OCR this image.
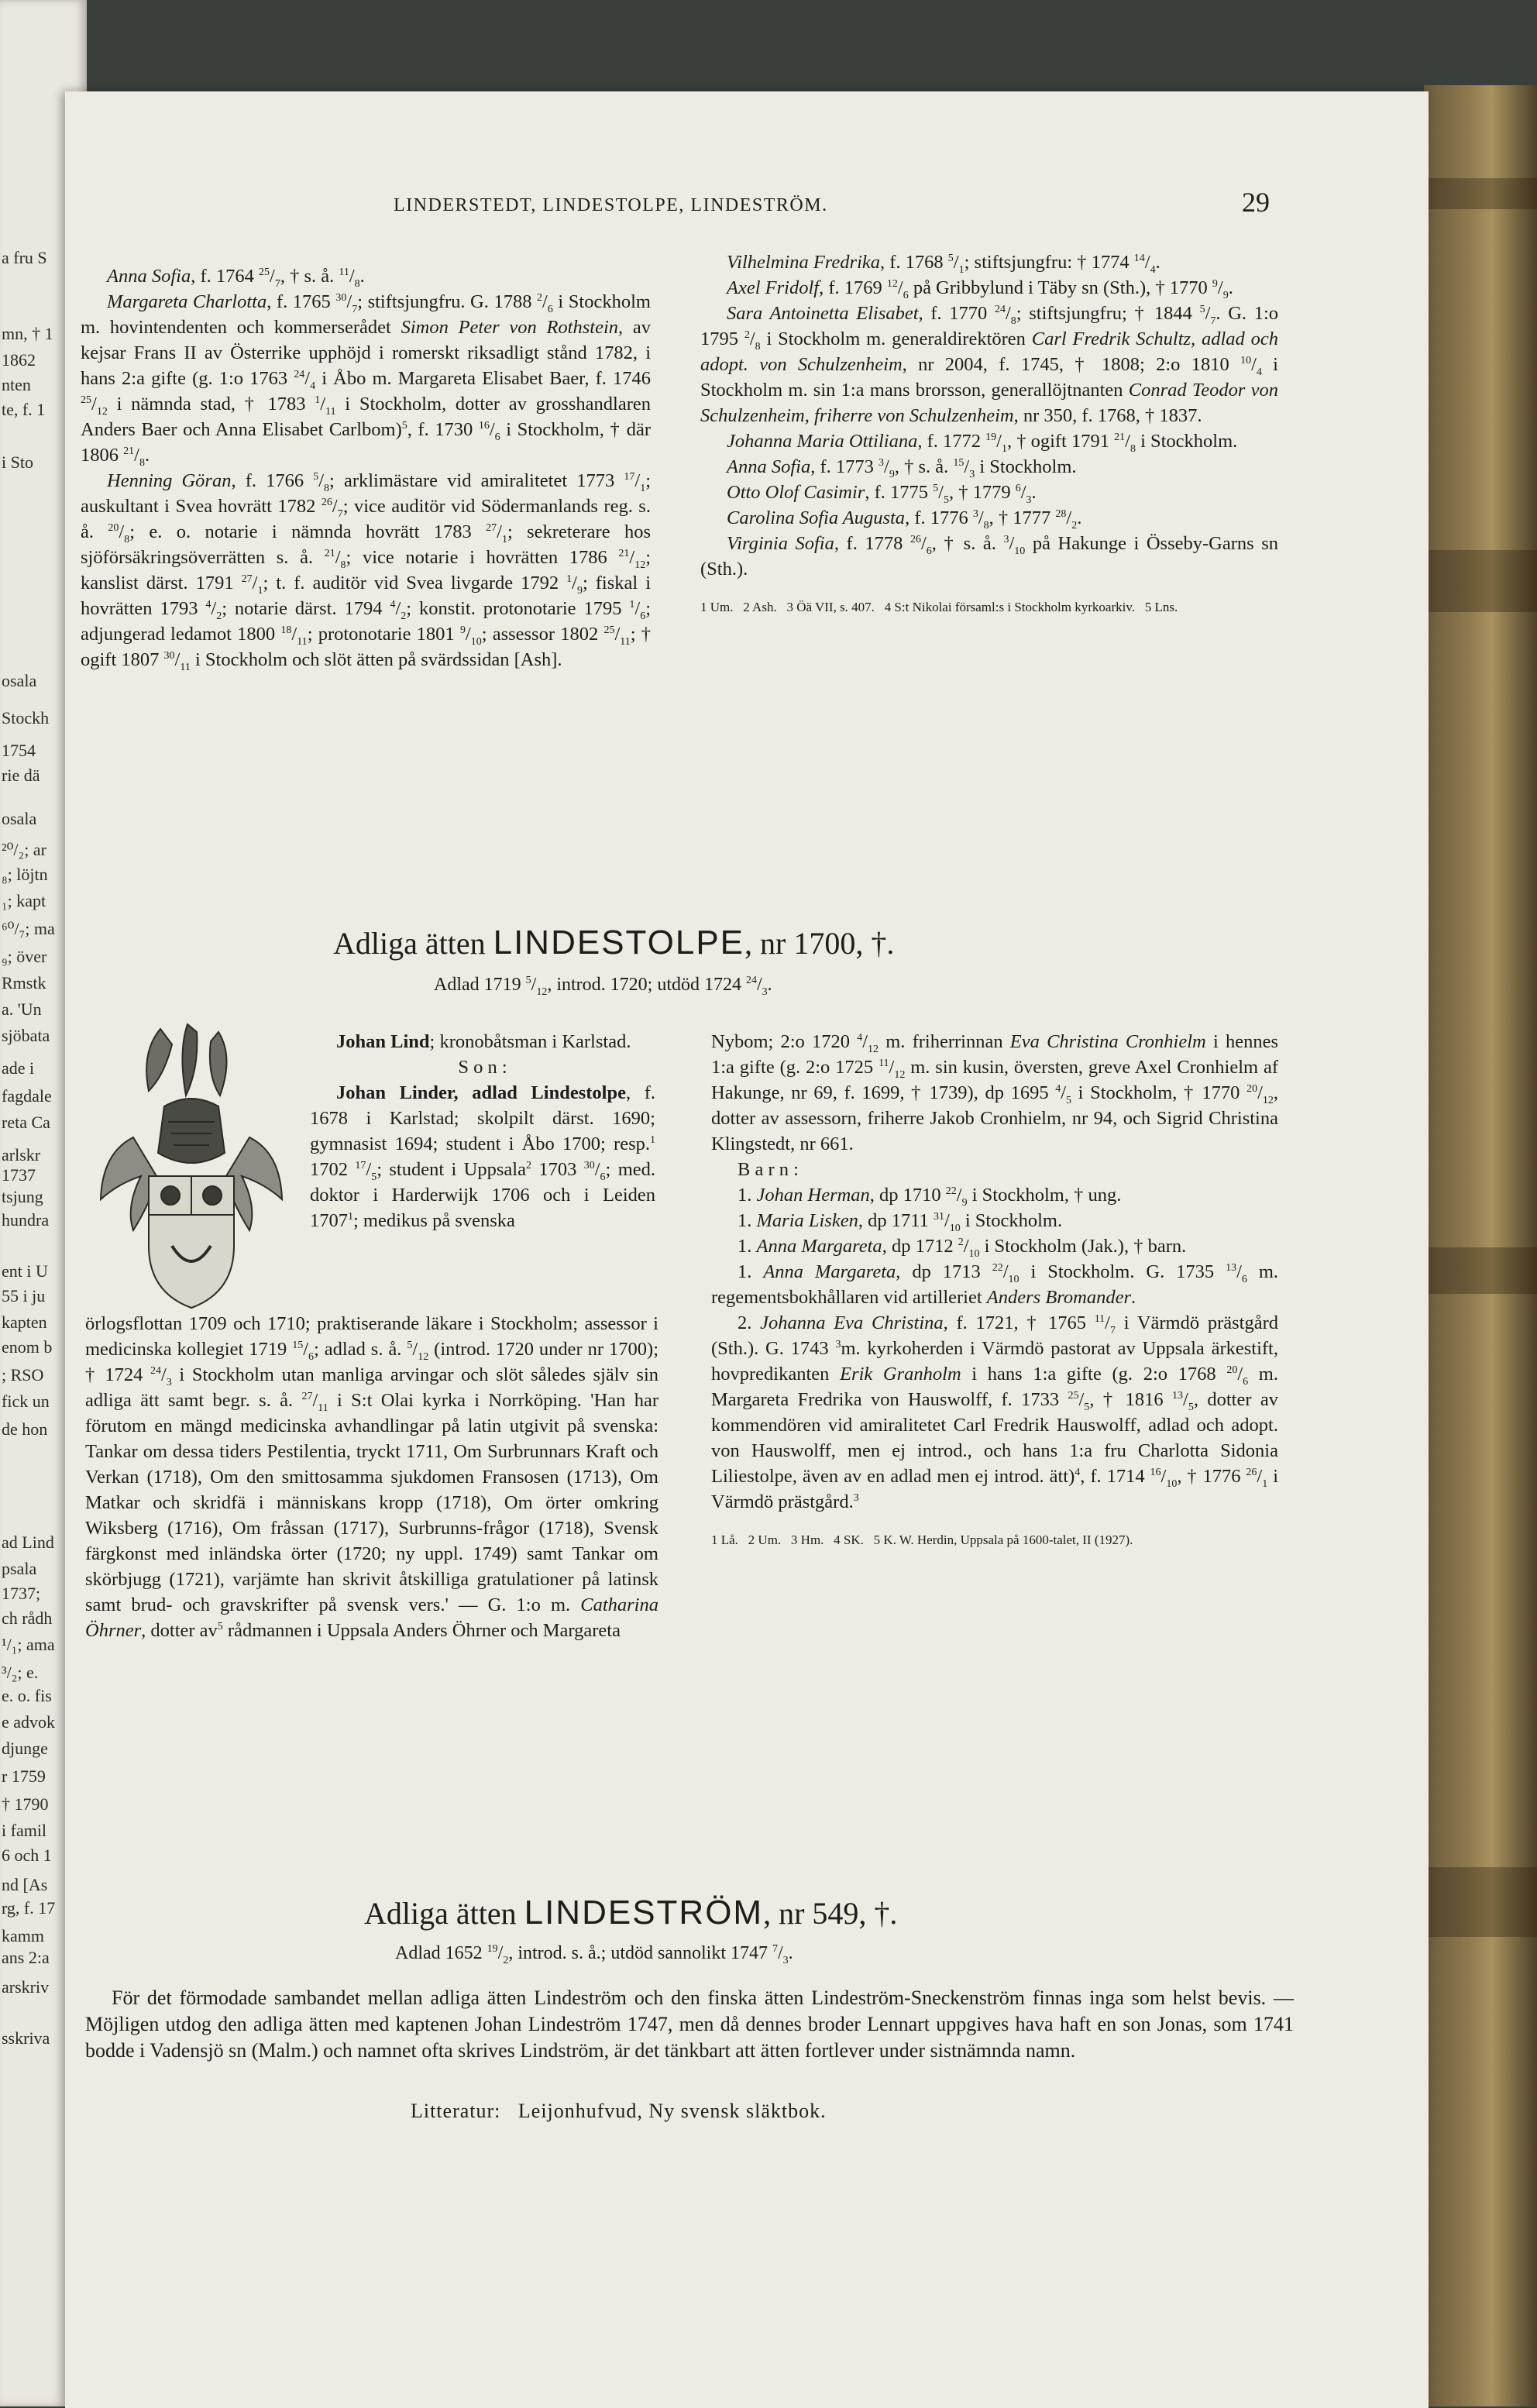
a fru S
mn, † 1
1862
nten
te, f. 1
i Sto
osala
Stockh
1754
rie dä
osala
²⁰/₂; ar
₈; löjtn
₁; kapt
⁶⁰/₇; ma
₉; över
Rmstk
a. 'Un
sjöbata
ade i
fagdale
reta Ca
arlskr
1737
tsjung
hundra
ent i U
55 i ju
kapten
enom b
; RSO
fick un
de hon
ad Lind
psala
1737;
ch rådh
¹/₁; ama
³/₂; e.
e. o. fis
e advok
djunge
r 1759
† 1790
i famil
6 och 1
nd [As
rg, f. 17
kamm
ans 2:a
arskriv
sskriva
LINDERSTEDT, LINDESTOLPE, LINDESTRÖM.	29

Anna Sofia, f. 1764 $^{25}/_7$, † s. å. $^{11}/_8$.

Margareta Charlotta, f. 1765 $^{30}/_7$; stiftsjungfru. G. 1788 $^2/_6$ i Stockholm m. hovintendenten och kommerserådet Simon Peter von Rothstein, av kejsar Frans II av Österrike upphöjd i romerskt riksadligt stånd 1782, i hans 2:a gifte (g. 1:o 1763 $^{24}/_4$ i Åbo m. Margareta Elisabet Baer, f. 1746 $^{25}/_{12}$ i nämnda stad, † 1783 $^1/_{11}$ i Stockholm, dotter av grosshandlaren Anders Baer och Anna Elisabet Carlbom)$^5$, f. 1730 $^{16}/_6$ i Stockholm, † där 1806 $^{21}/_8$.

Henning Göran, f. 1766 $^5/_8$; arklimästare vid amiralitetet 1773 $^{17}/_1$; auskultant i Svea hovrätt 1782 $^{26}/_7$; vice auditör vid Södermanlands reg. s. å. $^{20}/_8$; e. o. notarie i nämnda hovrätt 1783 $^{27}/_1$; sekreterare hos sjöförsäkringsöverrätten s. å. $^{21}/_8$; vice notarie i hovrätten 1786 $^{21}/_{12}$; kanslist därst. 1791 $^{27}/_1$; t. f. auditör vid Svea livgarde 1792 $^1/_9$; fiskal i hovrätten 1793 $^4/_2$; notarie därst. 1794 $^4/_2$; konstit. protonotarie 1795 $^1/_6$; adjungerad ledamot 1800 $^{18}/_{11}$; protonotarie 1801 $^9/_{10}$; assessor 1802 $^{25}/_{11}$; † ogift 1807 $^{30}/_{11}$ i Stockholm och slöt ätten på svärdssidan [Ash].

Vilhelmina Fredrika, f. 1768 $^5/_1$; stiftsjungfru: † 1774 $^{14}/_4$.

Axel Fridolf, f. 1769 $^{12}/_6$ på Gribbylund i Täby sn (Sth.), † 1770 $^9/_9$.

Sara Antoinetta Elisabet, f. 1770 $^{24}/_8$; stiftsjungfru; † 1844 $^5/_7$. G. 1:o 1795 $^2/_8$ i Stockholm m. generaldirektören Carl Fredrik Schultz, adlad och adopt. von Schulzenheim, nr 2004, f. 1745, † 1808; 2:o 1810 $^{10}/_4$ i Stockholm m. sin 1:a mans brorsson, generallöjtnanten Conrad Teodor von Schulzenheim, friherre von Schulzenheim, nr 350, f. 1768, † 1837.

Johanna Maria Ottiliana, f. 1772 $^{19}/_1$, † ogift 1791 $^{21}/_8$ i Stockholm.

Anna Sofia, f. 1773 $^3/_9$, † s. å. $^{15}/_3$ i Stockholm.

Otto Olof Casimir, f. 1775 $^5/_5$, † 1779 $^6/_3$.

Carolina Sofia Augusta, f. 1776 $^3/_8$, † 1777 $^{28}/_2$.

Virginia Sofia, f. 1778 $^{26}/_6$, † s. å. $^3/_{10}$ på Hakunge i Össeby-Garns sn (Sth.).

1 Um.   2 Ash.   3 Öä VII, s. 407.   4 S:t Nikolai församl:s i Stockholm kyrkoarkiv.   5 Lns.

Adliga ätten LINDESTOLPE, nr 1700, †.
Adlad 1719 $^5/_{12}$, introd. 1720; utdöd 1724 $^{24}/_3$.

Johan Lind; kronobåtsman i Karlstad.

S o n :

Johan Linder, adlad Lindestolpe, f. 1678 i Karlstad; skolpilt därst. 1690; gymnasist 1694; student i Åbo 1700; resp.$^1$ 1702 $^{17}/_5$; student i Uppsala$^2$ 1703 $^{30}/_6$; med. doktor i Harderwijk 1706 och i Leiden 1707$^1$; medikus på svenska

örlogsflottan 1709 och 1710; praktiserande läkare i Stockholm; assessor i medicinska kollegiet 1719 $^{15}/_6$; adlad s. å. $^5/_{12}$ (introd. 1720 under nr 1700); † 1724 $^{24}/_3$ i Stockholm utan manliga arvingar och slöt således själv sin adliga ätt samt begr. s. å. $^{27}/_{11}$ i S:t Olai kyrka i Norrköping. 'Han har förutom en mängd medicinska avhandlingar på latin utgivit på svenska: Tankar om dessa tiders Pestilentia, tryckt 1711, Om Surbrunnars Kraft och Verkan (1718), Om den smittosamma sjukdomen Fransosen (1713), Om Matkar och skridfä i människans kropp (1718), Om örter omkring Wiksberg (1716), Om fråssan (1717), Surbrunns-frågor (1718), Svensk färgkonst med inländska örter (1720; ny uppl. 1749) samt Tankar om skörbjugg (1721), varjämte han skrivit åtskilliga gratulationer på latinsk samt brud- och gravskrifter på svensk vers.' — G. 1:o m. Catharina Öhrner, dotter $av^5$ rådmannen i Uppsala Anders Öhrner och Margareta

Nybom; 2:o 1720 $^4/_{12}$ m. friherrinnan Eva Christina Cronhielm i hennes 1:a gifte (g. 2:o 1725 $^{11}/_{12}$ m. sin kusin, översten, greve Axel Cronhielm af Hakunge, nr 69, f. 1699, † 1739), dp 1695 $^4/_5$ i Stockholm, † 1770 $^{20}/_{12}$, dotter av assessorn, friherre Jakob Cronhielm, nr 94, och Sigrid Christina Klingstedt, nr 661.

B a r n :

1. Johan Herman, dp 1710 $^{22}/_9$ i Stockholm, † ung.

1. Maria Lisken, dp 1711 $^{31}/_{10}$ i Stockholm.

1. Anna Margareta, dp 1712 $^2/_{10}$ i Stockholm (Jak.), † barn.

1. Anna Margareta, dp 1713 $^{22}/_{10}$ i Stockholm. G. 1735 $^{13}/_6$ m. regementsbokhållaren vid artilleriet Anders Bromander.

2. Johanna Eva Christina, f. 1721, † 1765 $^{11}/_7$ i Värmdö prästgård (Sth.). G. 1743 $^3$m. kyrkoherden i Värmdö pastorat av Uppsala ärkestift, hovpredikanten Erik Granholm i hans 1:a gifte (g. 2:o 1768 $^{20}/_6$ m. Margareta Fredrika von Hauswolff, f. 1733 $^{25}/_5$, † 1816 $^{13}/_5$, dotter av kommendören vid amiralitetet Carl Fredrik Hauswolff, adlad och adopt. von Hauswolff, men ej introd., och hans 1:a fru Charlotta Sidonia Liliestolpe, även av en adlad men ej introd. ätt)$^4$, f. 1714 $^{16}/_{10}$, † 1776 $^{26}/_1$ i Värmdö prästgård.$^3$

1 Lå.   2 Um.   3 Hm.   4 SK.   5 K. W. Herdin, Uppsala på 1600-talet, II (1927).

Adliga ätten LINDESTRÖM, nr 549, †.
Adlad 1652 $^{19}/_2$, introd. s. å.; utdöd sannolikt 1747 $^7/_3$.

För det förmodade sambandet mellan adliga ätten Lindeström och den finska ätten Lindeström-Sneckenström finnas inga som helst bevis. — Möjligen utdog den adliga ätten med kaptenen Johan Lindeström 1747, men då dennes broder Lennart uppgives hava haft en son Jonas, som 1741 bodde i Vadensjö sn (Malm.) och namnet ofta skrives Lindström, är det tänkbart att ätten fortlever under sistnämnda namn.

Litteratur: Leijonhufvud, Ny svensk släktbok.
